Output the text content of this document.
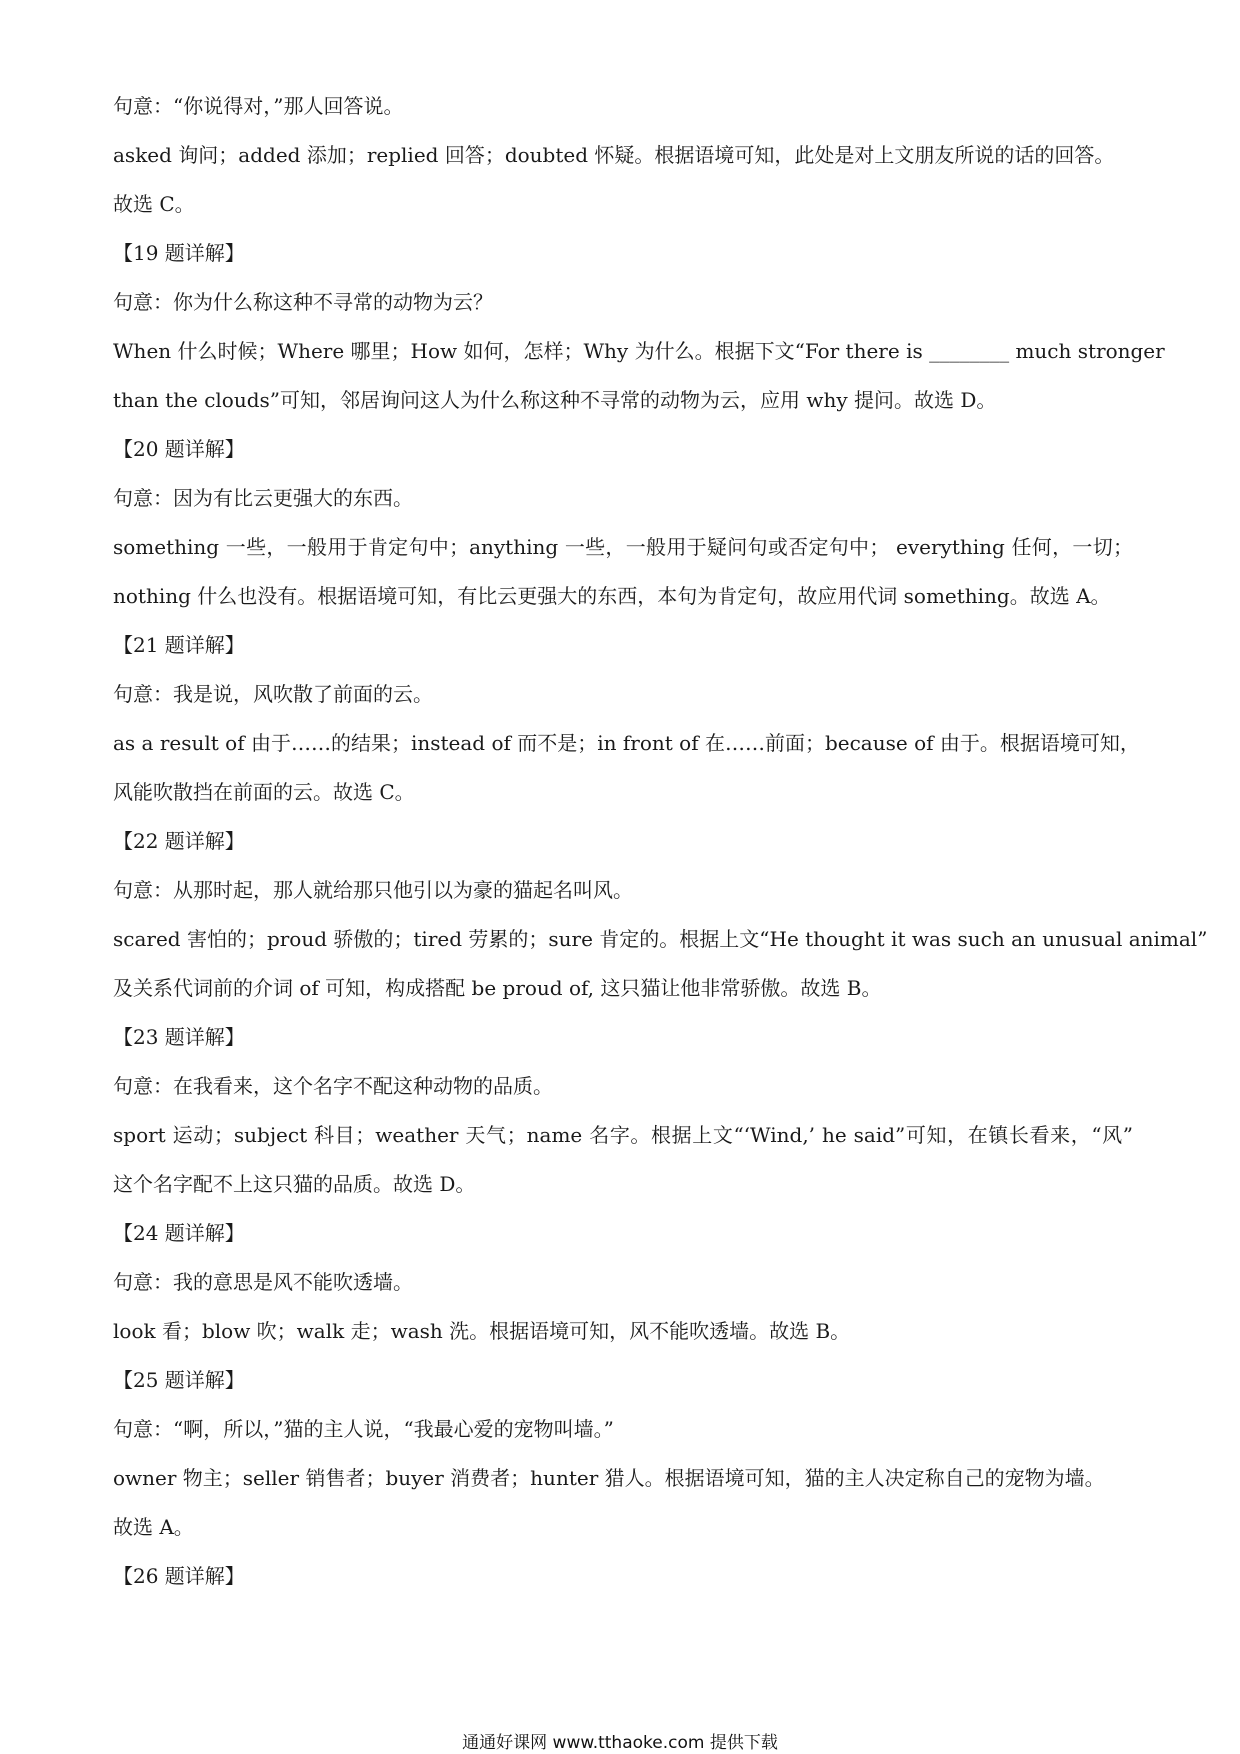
句意：“你说得对，”那人回答说。

asked 询问；added 添加；replied 回答；doubted 怀疑。根据语境可知，此处是对上文朋友所说的话的回答。

故选 C。

【19 题详解】

句意：你为什么称这种不寻常的动物为云？

When 什么时候；Where 哪里；How 如何，怎样；Why 为什么。根据下文“For there is ________ much stronger

than the clouds”可知，邻居询问这人为什么称这种不寻常的动物为云，应用 why 提问。故选 D。

【20 题详解】

句意：因为有比云更强大的东西。

something 一些，一般用于肯定句中；anything 一些，一般用于疑问句或否定句中； everything 任何，一切；

nothing 什么也没有。根据语境可知，有比云更强大的东西，本句为肯定句，故应用代词 something。故选 A。

【21 题详解】

句意：我是说，风吹散了前面的云。

as a result of 由于……的结果；instead of 而不是；in front of 在……前面；because of 由于。根据语境可知，

风能吹散挡在前面的云。故选 C。

【22 题详解】

句意：从那时起，那人就给那只他引以为豪的猫起名叫风。

scared 害怕的；proud 骄傲的；tired 劳累的；sure 肯定的。根据上文“He thought it was such an unusual animal”

及关系代词前的介词 of 可知，构成搭配 be proud of, 这只猫让他非常骄傲。故选 B。

【23 题详解】

句意：在我看来，这个名字不配这种动物的品质。

sport 运动；subject 科目；weather 天气；name 名字。根据上文“‘Wind,’ he said”可知，在镇长看来，“风”

这个名字配不上这只猫的品质。故选 D。

【24 题详解】

句意：我的意思是风不能吹透墙。

look 看；blow 吹；walk 走；wash 洗。根据语境可知，风不能吹透墙。故选 B。

【25 题详解】

句意：“啊，所以，”猫的主人说，“我最心爱的宠物叫墙。”

owner 物主；seller 销售者；buyer 消费者；hunter 猎人。根据语境可知，猫的主人决定称自己的宠物为墙。

故选 A。

【26 题详解】

通通好课网 www.tthaoke.com 提供下载
